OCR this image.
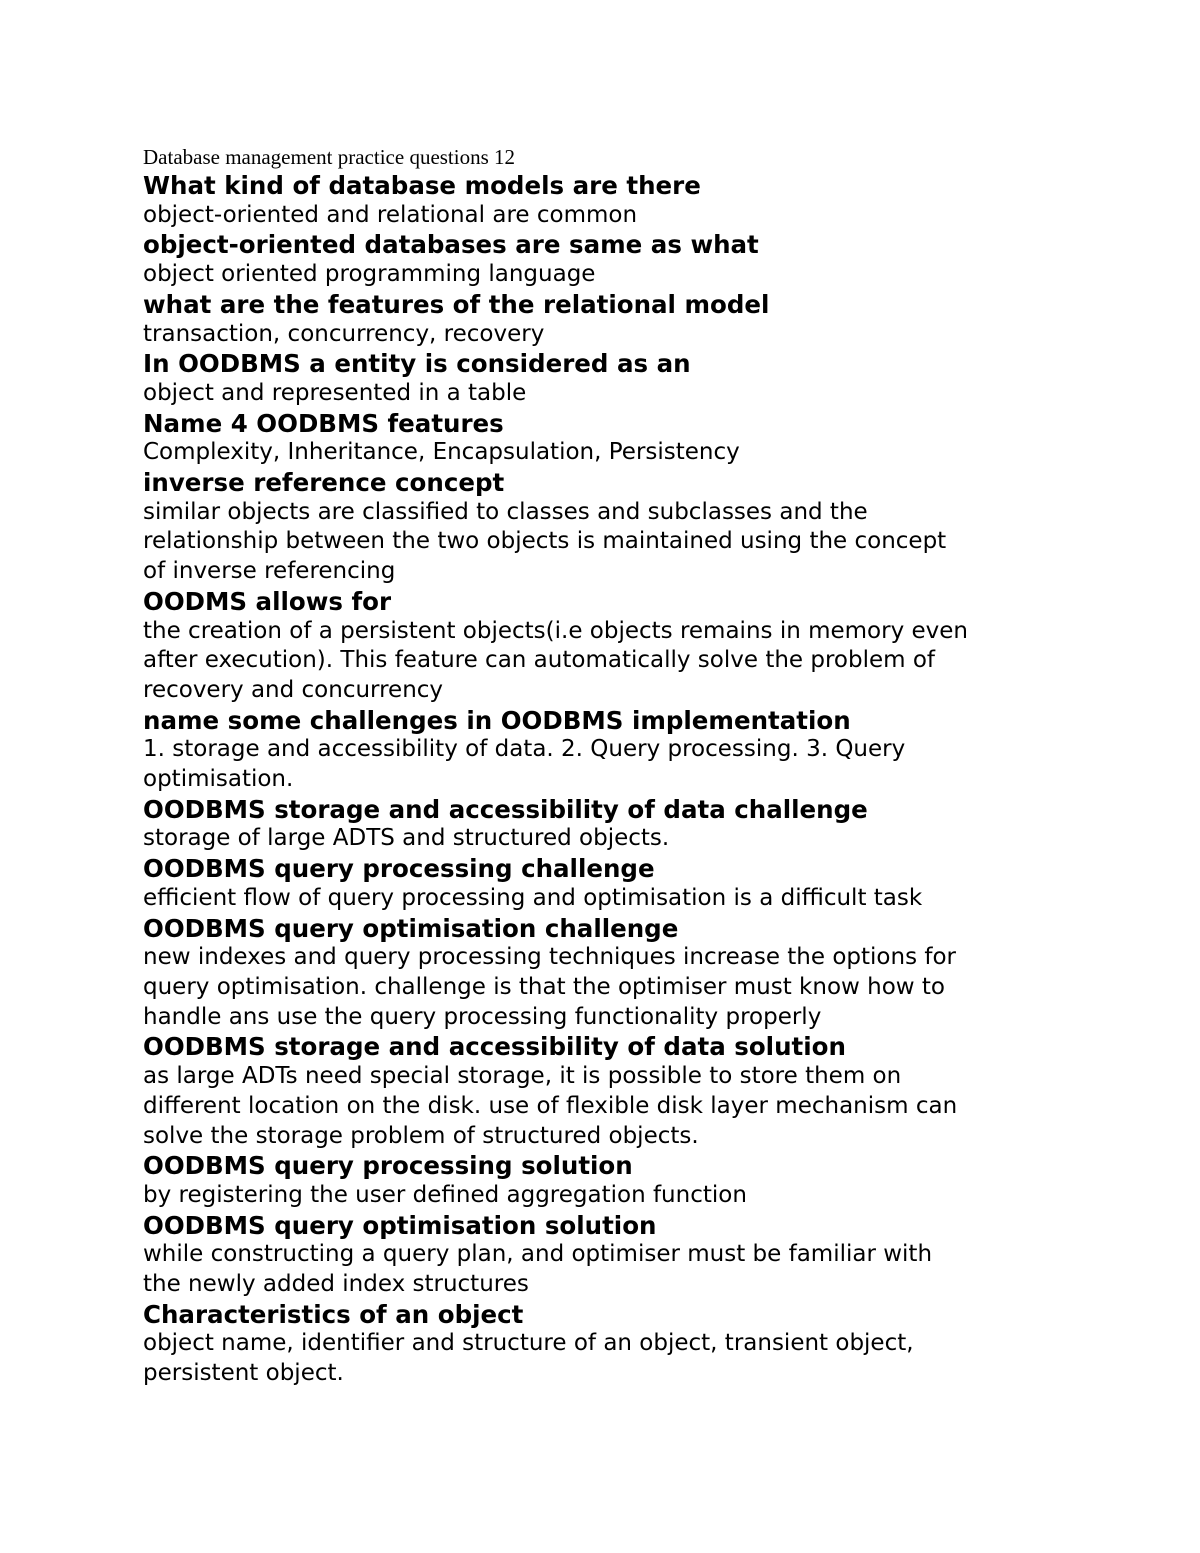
Database management practice questions 12
What kind of database models are there
object-oriented and relational are common
object-oriented databases are same as what
object oriented programming language
what are the features of the relational model
transaction, concurrency, recovery
In OODBMS a entity is considered as an
object and represented in a table
Name 4 OODBMS features
Complexity, Inheritance, Encapsulation, Persistency
inverse reference concept
similar objects are classified to classes and subclasses and the
relationship between the two objects is maintained using the concept
of inverse referencing
OODMS allows for
the creation of a persistent objects(i.e objects remains in memory even
after execution). This feature can automatically solve the problem of
recovery and concurrency
name some challenges in OODBMS implementation
1. storage and accessibility of data. 2. Query processing. 3. Query
optimisation.
OODBMS storage and accessibility of data challenge
storage of large ADTS and structured objects.
OODBMS query processing challenge
efficient flow of query processing and optimisation is a difficult task
OODBMS query optimisation challenge
new indexes and query processing techniques increase the options for
query optimisation. challenge is that the optimiser must know how to
handle ans use the query processing functionality properly
OODBMS storage and accessibility of data solution
as large ADTs need special storage, it is possible to store them on
different location on the disk. use of flexible disk layer mechanism can
solve the storage problem of structured objects.
OODBMS query processing solution
by registering the user defined aggregation function
OODBMS query optimisation solution
while constructing a query plan, and optimiser must be familiar with
the newly added index structures
Characteristics of an object
object name, identifier and structure of an object, transient object,
persistent object.
